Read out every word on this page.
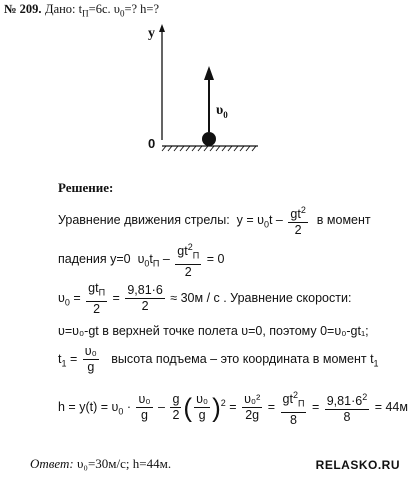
№ 209. Дано: $t_П=6с$. $\upsilon_0=$? h=?
y
0
$\upsilon_0$
Решение:
Уравнение движения стрелы: $y = \upsilon_0t - \frac{gt^2}{2}$ в момент
падения y=0 $\upsilon_0t_П - \frac{gt^2_П}{2} = 0$
$\upsilon_0 = \frac{gt_П}{2} = \frac{9,81\cdot 6}{2} \approx 30м / с$ . Уравнение скорости:
υ=υ₀-gt в верхней точке полета υ=0, поэтому 0=υ₀-gt₁;
$t_1 = \frac{\text{υ₀}}{g}$ высота подъема – это координата в момент $t_1$
$h = y(t) = \upsilon_0 \cdot \frac{\text{υ₀}}{g} - \frac{g}{2}$ ( $\frac{\text{υ₀}}{g} )^2 = \frac{\text{υ₀²}}{2g} = \frac{gt^2_П}{8} = \frac{9,81\cdot 6^2}{8} = 44м$
Ответ: υ₀=30м/с; h=44м.	RELASKO.RU
